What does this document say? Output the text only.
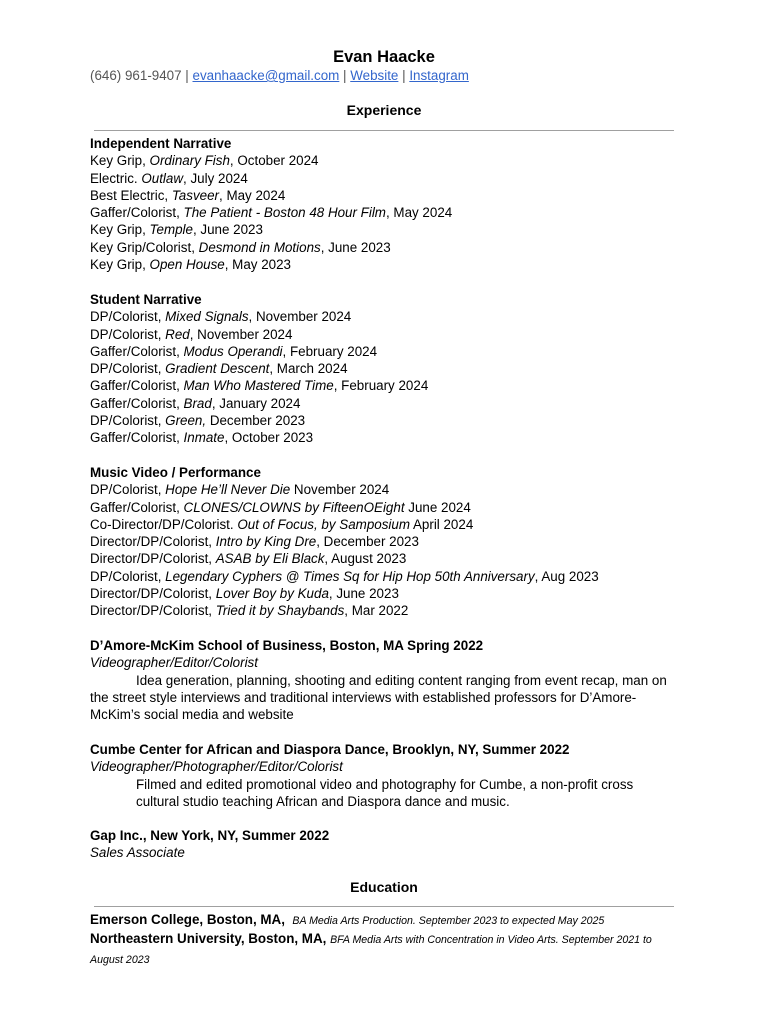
Evan Haacke
(646) 961-9407 | evanhaacke@gmail.com | Website | Instagram
Experience
Independent Narrative
Key Grip, Ordinary Fish, October 2024
Electric. Outlaw, July 2024
Best Electric, Tasveer, May 2024
Gaffer/Colorist, The Patient - Boston 48 Hour Film, May 2024
Key Grip, Temple, June 2023
Key Grip/Colorist, Desmond in Motions, June 2023
Key Grip, Open House, May 2023
Student Narrative
DP/Colorist, Mixed Signals, November 2024
DP/Colorist, Red, November 2024
Gaffer/Colorist, Modus Operandi, February 2024
DP/Colorist, Gradient Descent, March 2024
Gaffer/Colorist, Man Who Mastered Time, February 2024
Gaffer/Colorist, Brad, January 2024
DP/Colorist, Green, December 2023
Gaffer/Colorist, Inmate, October 2023
Music Video / Performance
DP/Colorist, Hope He’ll Never Die November 2024
Gaffer/Colorist, CLONES/CLOWNS by FifteenOEight June 2024
Co-Director/DP/Colorist. Out of Focus, by Samposium April 2024
Director/DP/Colorist, Intro by King Dre, December 2023
Director/DP/Colorist, ASAB by Eli Black, August 2023
DP/Colorist, Legendary Cyphers @ Times Sq for Hip Hop 50th Anniversary, Aug 2023
Director/DP/Colorist, Lover Boy by Kuda, June 2023
Director/DP/Colorist, Tried it by Shaybands, Mar 2022
D’Amore-McKim School of Business, Boston, MA Spring 2022
Videographer/Editor/Colorist
Idea generation, planning, shooting and editing content ranging from event recap, man on the street style interviews and traditional interviews with established professors for D’Amore-McKim’s social media and website
Cumbe Center for African and Diaspora Dance, Brooklyn, NY, Summer 2022
Videographer/Photographer/Editor/Colorist
Filmed and edited promotional video and photography for Cumbe, a non-profit cross cultural studio teaching African and Diaspora dance and music.
Gap Inc., New York, NY, Summer 2022
Sales Associate
Education
Emerson College, Boston, MA, BA Media Arts Production. September 2023 to expected May 2025
Northeastern University, Boston, MA, BFA Media Arts with Concentration in Video Arts. September 2021 to August 2023
